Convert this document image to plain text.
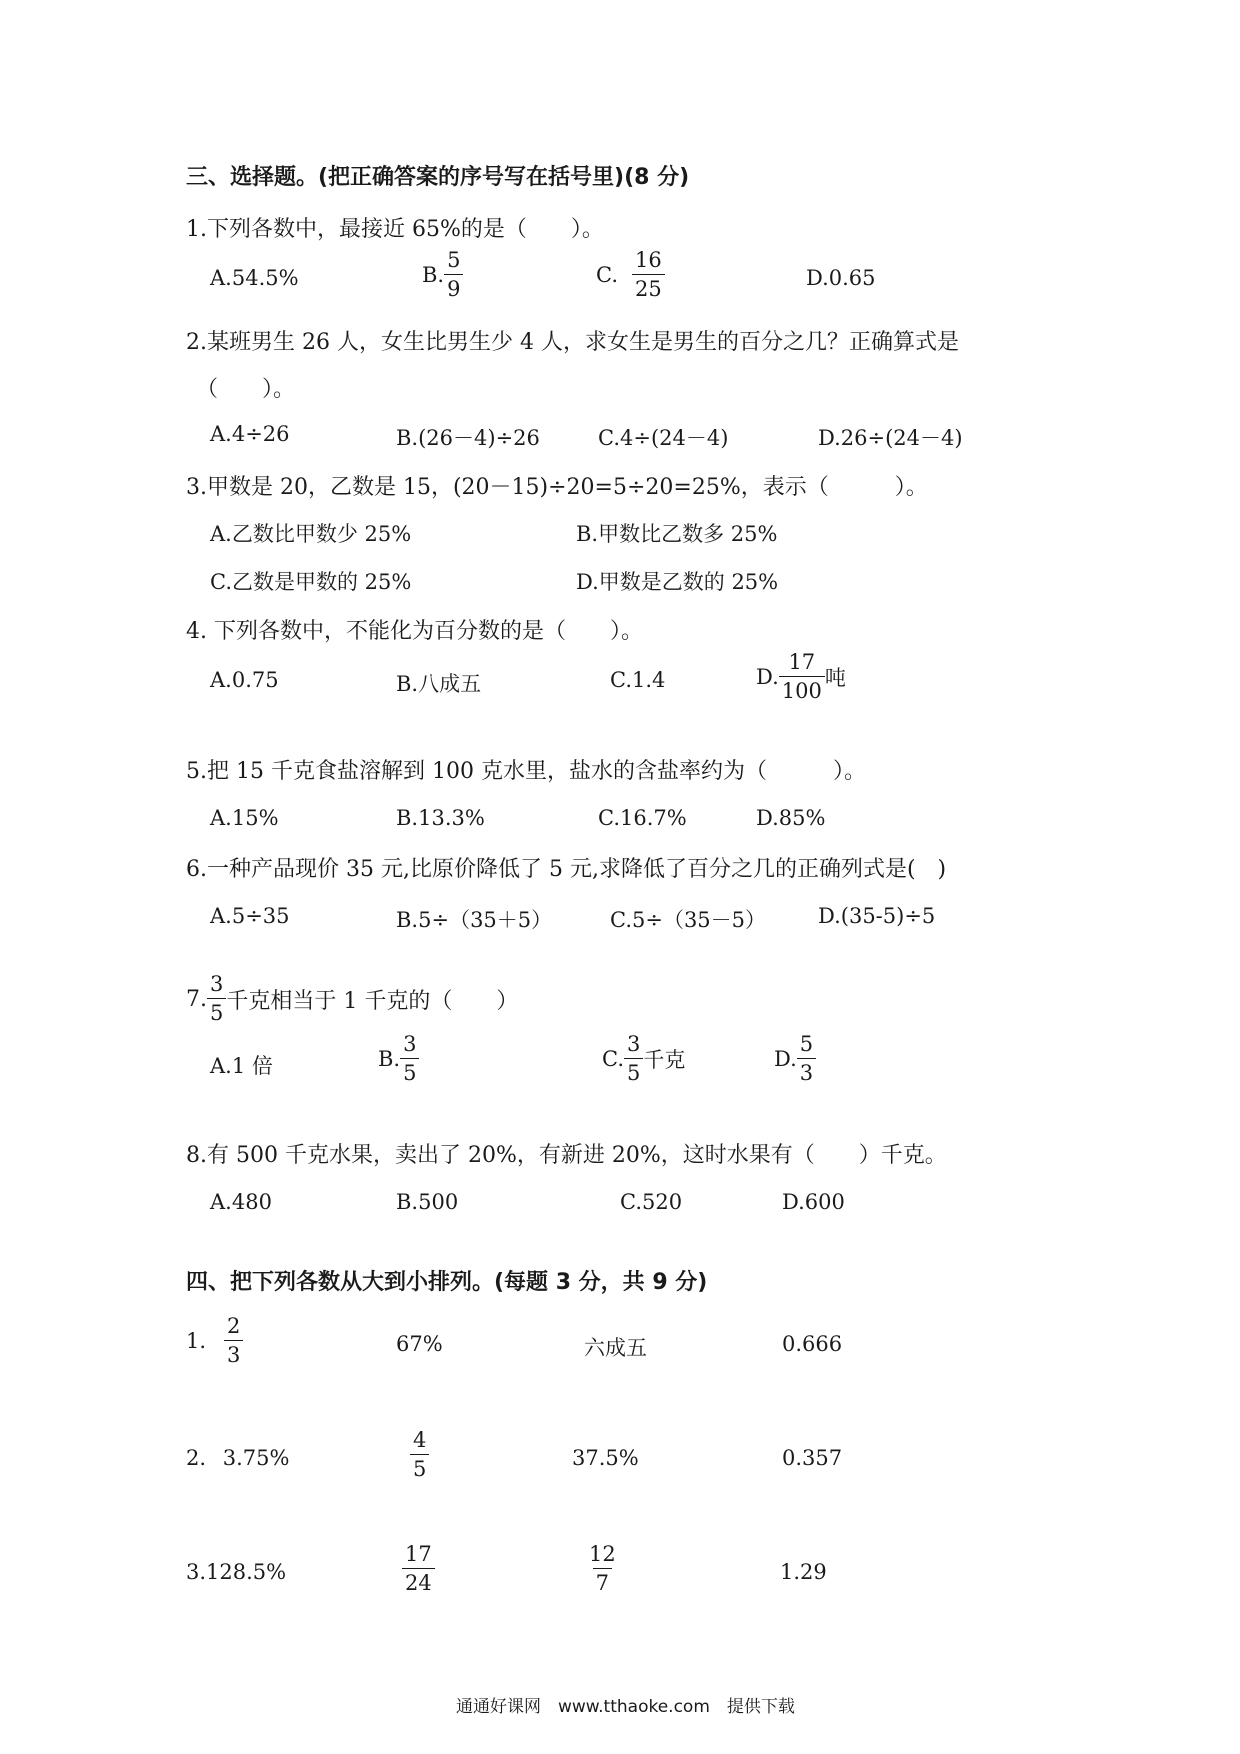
三、选择题。(把正确答案的序号写在括号里)(8 分)
1.下列各数中，最接近 65%的是（　　）。
A.54.5%	B. $\frac{5}{9}$	C. $\frac{16}{25}$	D.0.65
2.某班男生 26 人，女生比男生少 4 人，求女生是男生的百分之几？正确算式是
（　　）。
A.4÷26	B.(26－4)÷26	C.4÷(24－4)	D.26÷(24－4)
3.甲数是 20，乙数是 15，(20－15)÷20=5÷20=25%，表示（　　　）。
A.乙数比甲数少 25%	B.甲数比乙数多 25%
C.乙数是甲数的 25%	D.甲数是乙数的 25%
4. 下列各数中，不能化为百分数的是（　　）。
A.0.75	B.八成五	C.1.4	D. $\frac{17}{100}$ 吨
5.把 15 千克食盐溶解到 100 克水里，盐水的含盐率约为（　　　）。
A.15%	B.13.3%	C.16.7%	D.85%
6.一种产品现价 35 元,比原价降低了 5 元,求降低了百分之几的正确列式是(　)
A.5÷35	B.5÷（35＋5）	C.5÷（35－5） D.(35-5)÷5
7. $\frac{3}{5}$ 千克相当于 1 千克的（　　）
A.1 倍	B. $\frac{3}{5}$	C. $\frac{3}{5}$ 千克	D. $\frac{5}{3}$
8.有 500 千克水果，卖出了 20%，有新进 20%，这时水果有（　　）千克。
A.480	B.500	C.520	D.600
四、把下列各数从大到小排列。(每题 3 分，共 9 分)
1. $\frac{2}{3}$	67%	六成五	0.666
2. 3.75%	$\frac{4}{5}$	37.5%	0.357
3.128.5%	$\frac{17}{24}$	$\frac{12}{7}$	1.29
通通好课网　www.tthaoke.com　提供下载
